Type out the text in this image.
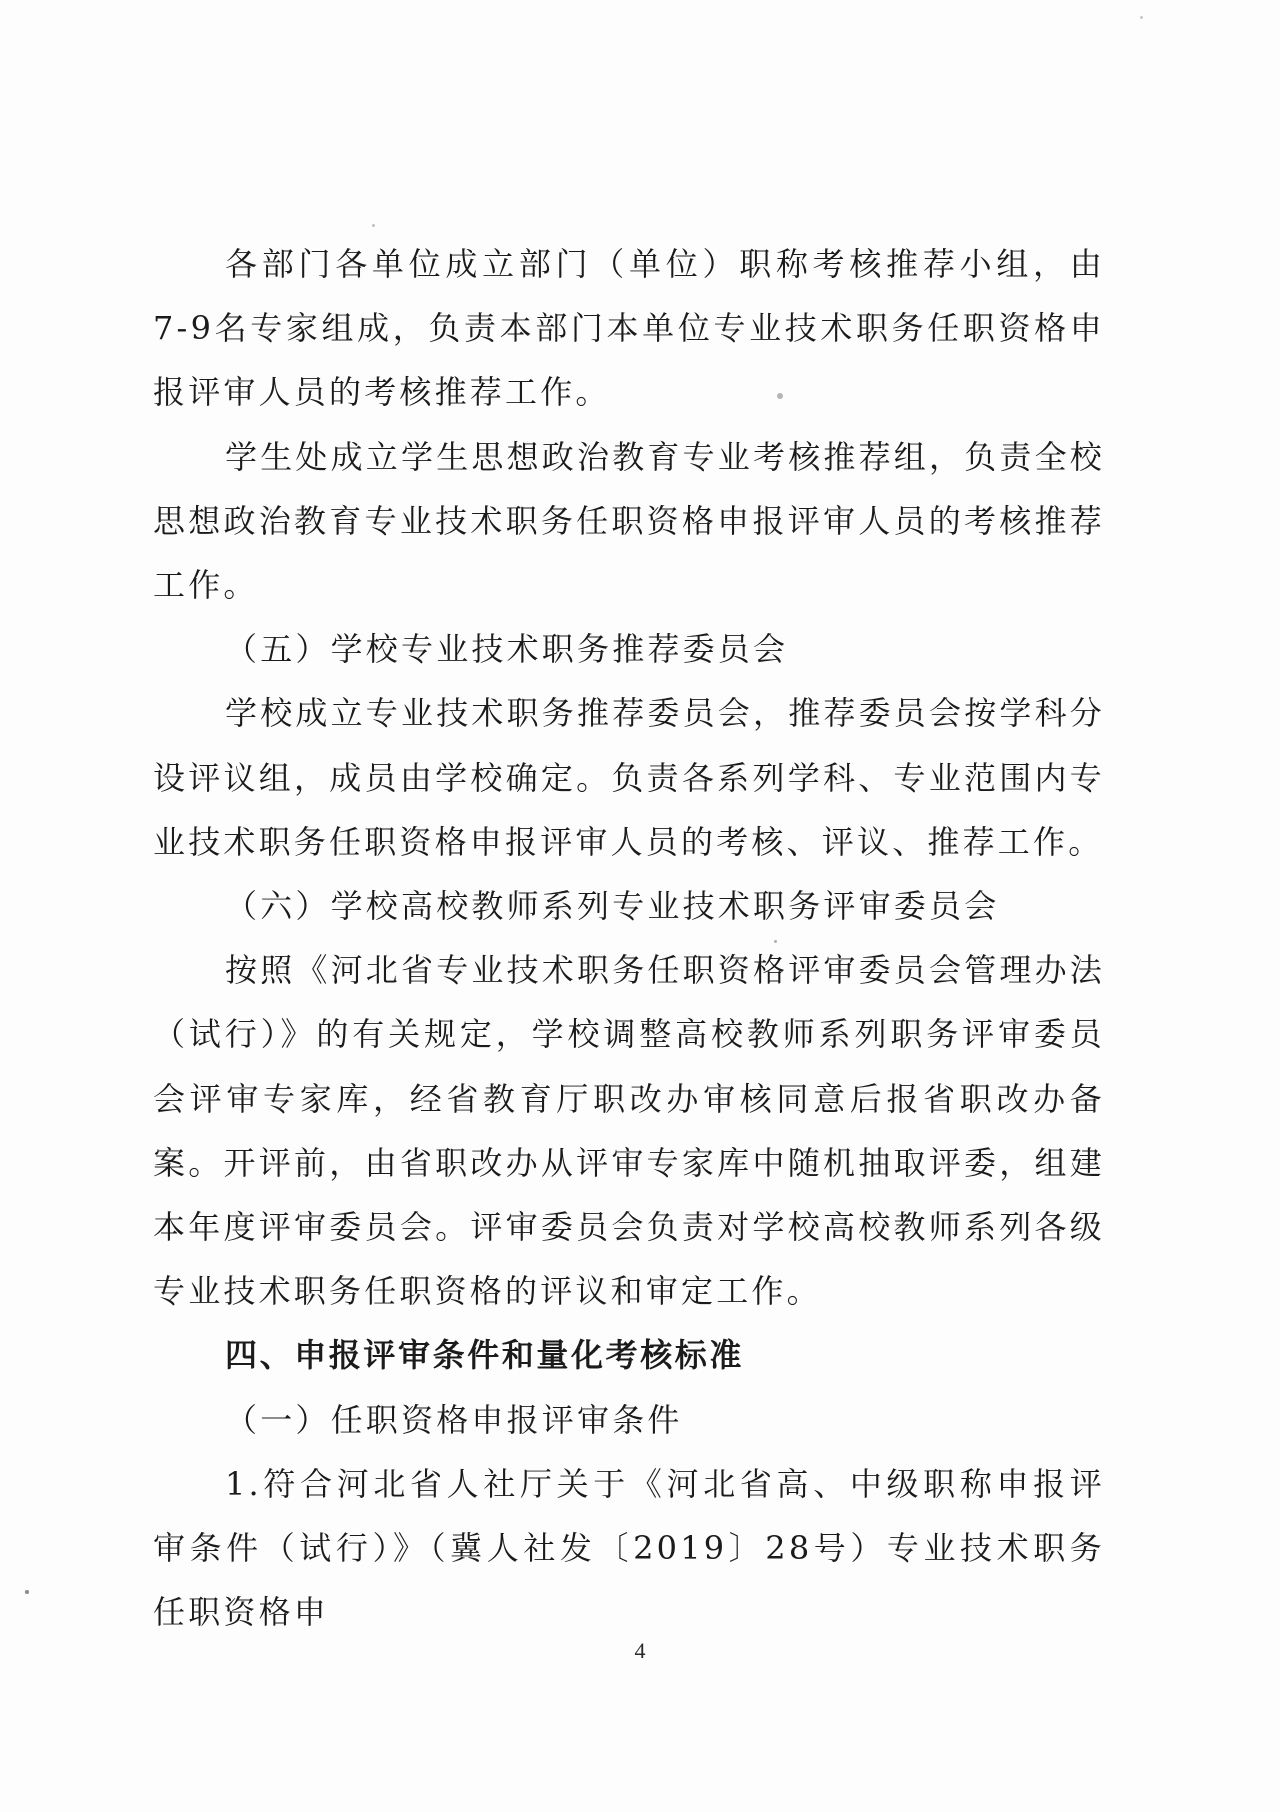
各部门各单位成立部门（单位）职称考核推荐小组，由7-9名专家组成，负责本部门本单位专业技术职务任职资格申报评审人员的考核推荐工作。

学生处成立学生思想政治教育专业考核推荐组，负责全校思想政治教育专业技术职务任职资格申报评审人员的考核推荐工作。

（五）学校专业技术职务推荐委员会

学校成立专业技术职务推荐委员会，推荐委员会按学科分设评议组，成员由学校确定。负责各系列学科、专业范围内专业技术职务任职资格申报评审人员的考核、评议、推荐工作。

（六）学校高校教师系列专业技术职务评审委员会

按照《河北省专业技术职务任职资格评审委员会管理办法（试行）》的有关规定，学校调整高校教师系列职务评审委员会评审专家库，经省教育厅职改办审核同意后报省职改办备案。开评前，由省职改办从评审专家库中随机抽取评委，组建本年度评审委员会。评审委员会负责对学校高校教师系列各级专业技术职务任职资格的评议和审定工作。

四、申报评审条件和量化考核标准

（一）任职资格申报评审条件

1.符合河北省人社厅关于《河北省高、中级职称申报评审条件（试行）》（冀人社发〔2019〕28号）专业技术职务任职资格申

4
